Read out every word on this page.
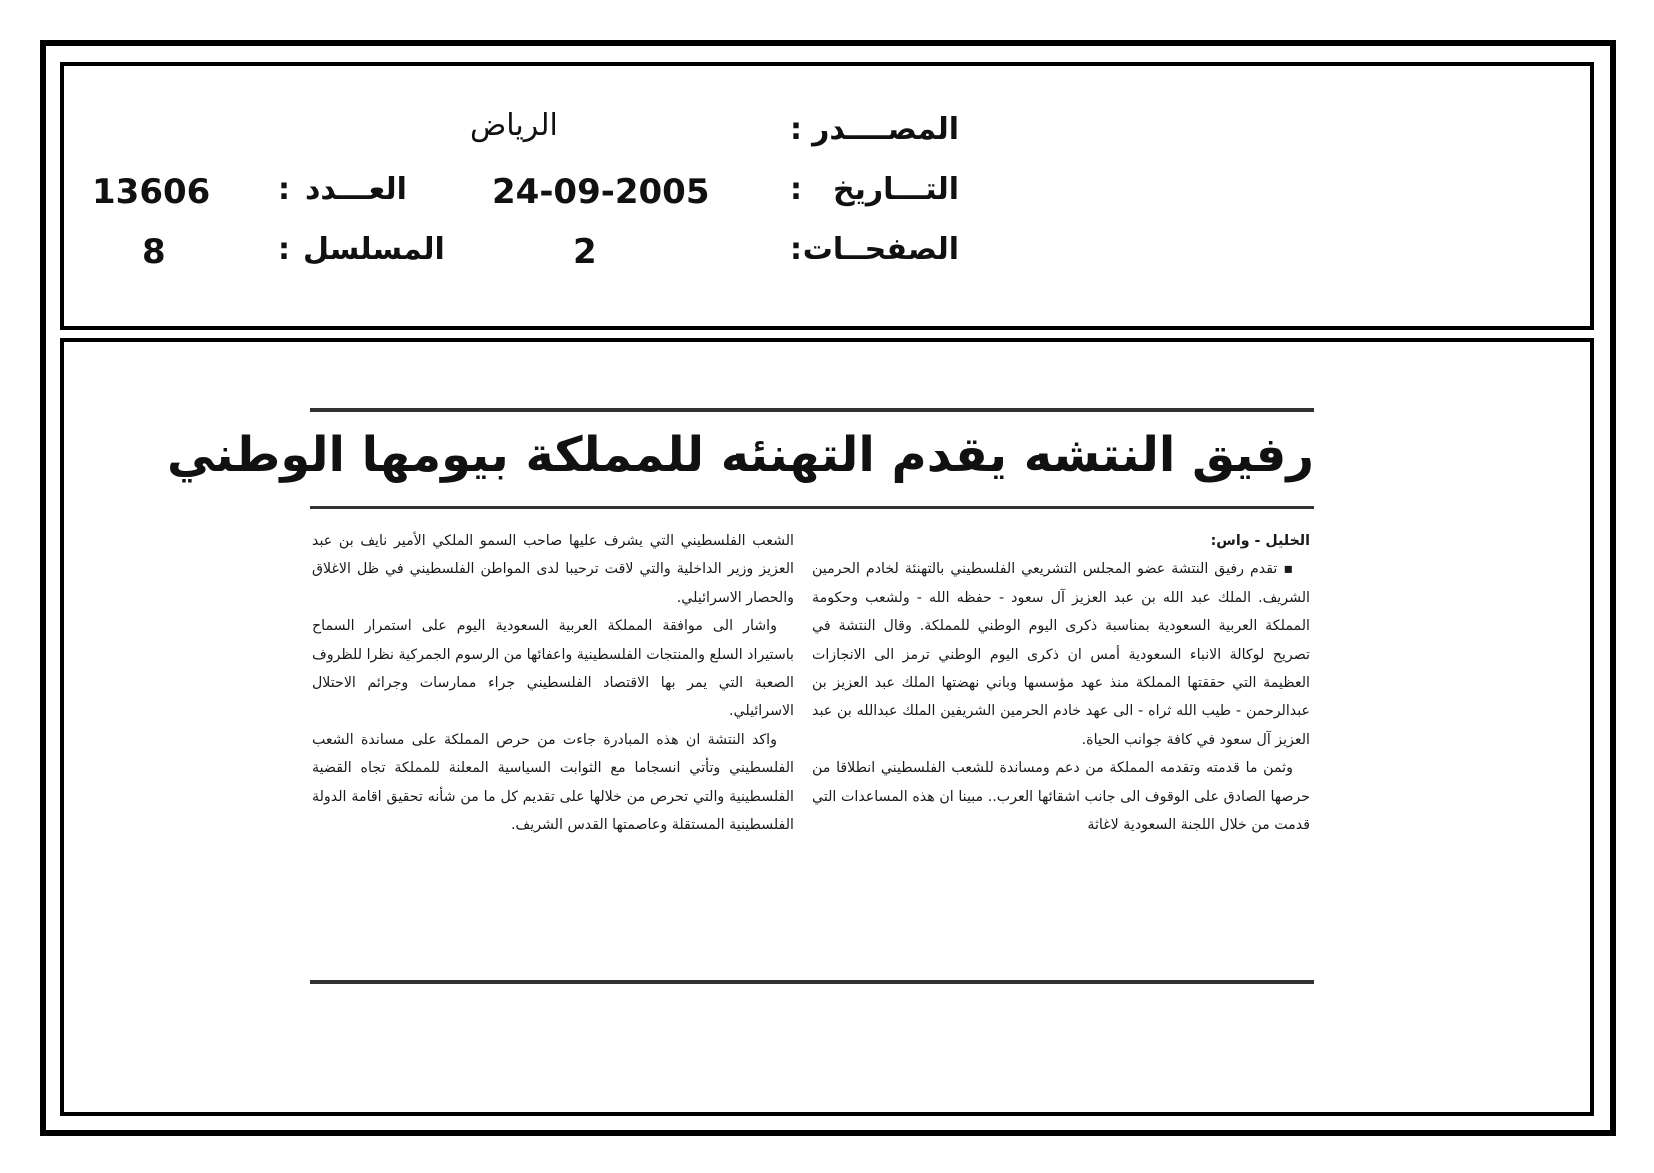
المصــــدر
:
الرياض
التـــاريخ
:
24-09-2005
العـــدد
:
13606
الصفحــات
:
2
المسلسل
:
8
رفيق النتشه يقدم التهنئه للمملكة بيومها الوطني

الخليل - واس:

▪ تقدم رفيق النتشة عضو المجلس التشريعي الفلسطيني بالتهنئة لخادم الحرمين الشريف. الملك عبد الله بن عبد العزيز آل سعود - حفظه الله - ولشعب وحكومة المملكة العربية السعودية بمناسبة ذكرى اليوم الوطني للمملكة. وقال النتشة في تصريح لوكالة الانباء السعودية أمس ان ذكرى اليوم الوطني ترمز الى الانجازات العظيمة التي حققتها المملكة منذ عهد مؤسسها وباني نهضتها الملك عبد العزيز بن عبدالرحمن - طيب الله ثراه - الى عهد خادم الحرمين الشريفين الملك عبدالله بن عبد العزيز آل سعود في كافة جوانب الحياة.

وثمن ما قدمته وتقدمه المملكة من دعم ومساندة للشعب الفلسطيني انطلاقا من حرصها الصادق على الوقوف الى جانب اشقائها العرب.. مبينا ان هذه المساعدات التي قدمت من خلال اللجنة السعودية لاغاثة

الشعب الفلسطيني التي يشرف عليها صاحب السمو الملكي الأمير نايف بن عبد العزيز وزير الداخلية والتي لاقت ترحيبا لدى المواطن الفلسطيني في ظل الاغلاق والحصار الاسرائيلي.

واشار الى موافقة المملكة العربية السعودية اليوم على استمرار السماح باستيراد السلع والمنتجات الفلسطينية واعفائها من الرسوم الجمركية نظرا للظروف الصعبة التي يمر بها الاقتصاد الفلسطيني جراء ممارسات وجرائم الاحتلال الاسرائيلي.

واكد النتشة ان هذه المبادرة جاءت من حرص المملكة على مساندة الشعب الفلسطيني وتأتي انسجاما مع الثوابت السياسية المعلنة للمملكة تجاه القضية الفلسطينية والتي تحرص من خلالها على تقديم كل ما من شأنه تحقيق اقامة الدولة الفلسطينية المستقلة وعاصمتها القدس الشريف.
